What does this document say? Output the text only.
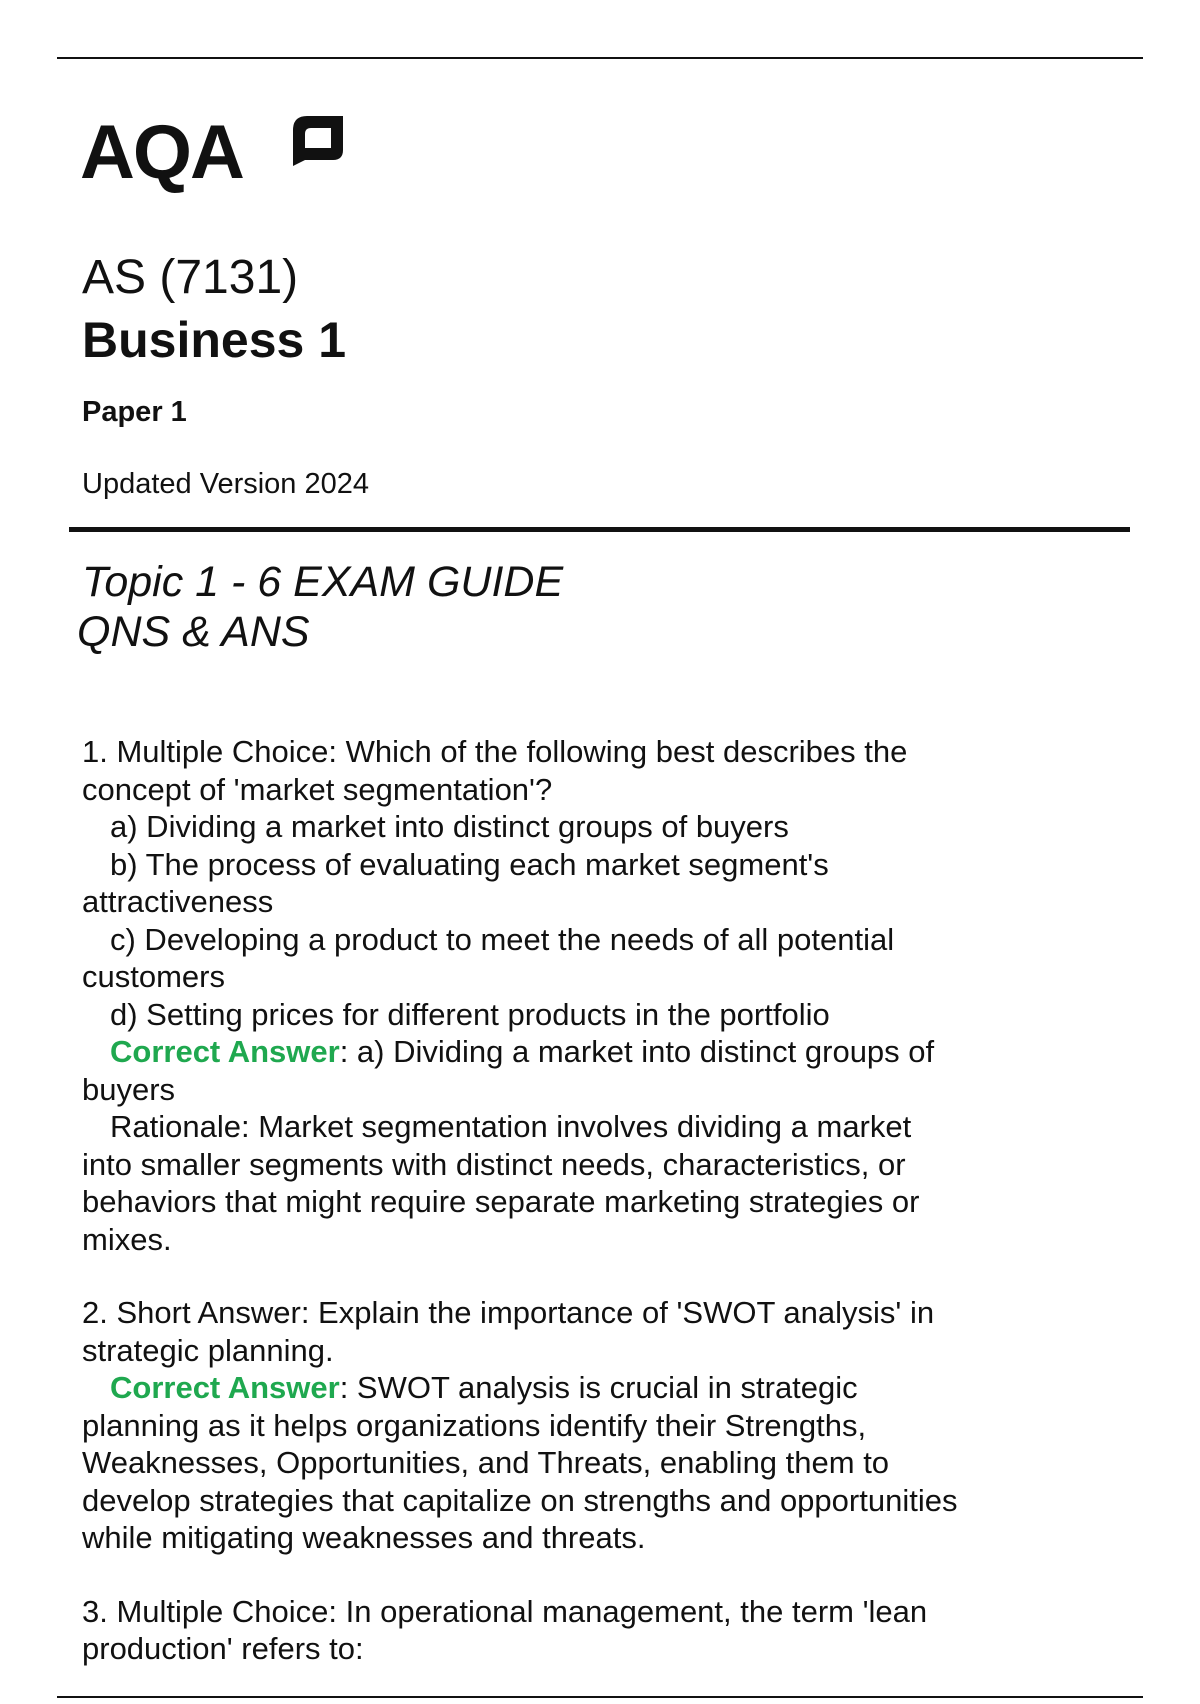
AQA
AS (7131)
Business 1
Paper 1
Updated Version 2024
Topic 1 - 6 EXAM GUIDE
QNS & ANS
1. Multiple Choice: Which of the following best describes the
concept of 'market segmentation'?
a) Dividing a market into distinct groups of buyers
b) The process of evaluating each market segment's
attractiveness
c) Developing a product to meet the needs of all potential
customers
d) Setting prices for different products in the portfolio
Correct Answer: a) Dividing a market into distinct groups of
buyers
Rationale: Market segmentation involves dividing a market
into smaller segments with distinct needs, characteristics, or
behaviors that might require separate marketing strategies or
mixes.
2. Short Answer: Explain the importance of 'SWOT analysis' in
strategic planning.
Correct Answer: SWOT analysis is crucial in strategic
planning as it helps organizations identify their Strengths,
Weaknesses, Opportunities, and Threats, enabling them to
develop strategies that capitalize on strengths and opportunities
while mitigating weaknesses and threats.
3. Multiple Choice: In operational management, the term 'lean
production' refers to:
